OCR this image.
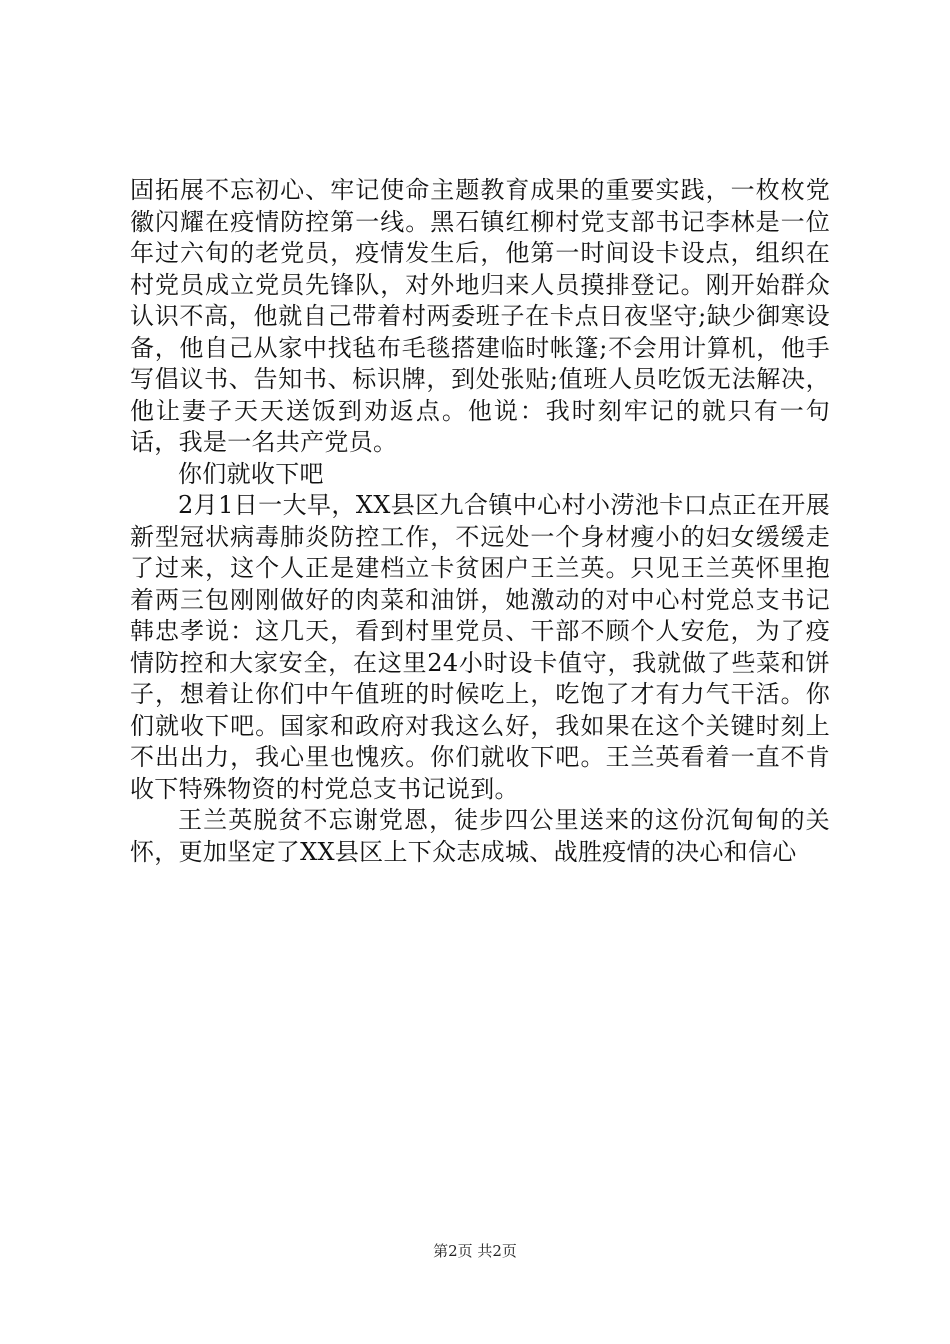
固拓展不忘初心、牢记使命主题教育成果的重要实践，一枚枚党徽闪耀在疫情防控第一线。黑石镇红柳村党支部书记李林是一位年过六旬的老党员，疫情发生后，他第一时间设卡设点，组织在村党员成立党员先锋队，对外地归来人员摸排登记。刚开始群众认识不高，他就自己带着村两委班子在卡点日夜坚守;缺少御寒设备，他自己从家中找毡布毛毯搭建临时帐篷;不会用计算机，他手写倡议书、告知书、标识牌，到处张贴;值班人员吃饭无法解决，他让妻子天天送饭到劝返点。他说：我时刻牢记的就只有一句话，我是一名共产党员。

你们就收下吧

2月1日一大早，XX县区九合镇中心村小涝池卡口点正在开展新型冠状病毒肺炎防控工作，不远处一个身材瘦小的妇女缓缓走了过来，这个人正是建档立卡贫困户王兰英。只见王兰英怀里抱着两三包刚刚做好的肉菜和油饼，她激动的对中心村党总支书记韩忠孝说：这几天，看到村里党员、干部不顾个人安危，为了疫情防控和大家安全，在这里24小时设卡值守，我就做了些菜和饼子，想着让你们中午值班的时候吃上，吃饱了才有力气干活。你们就收下吧。国家和政府对我这么好，我如果在这个关键时刻上不出出力，我心里也愧疚。你们就收下吧。王兰英看着一直不肯收下特殊物资的村党总支书记说到。

王兰英脱贫不忘谢党恩，徒步四公里送来的这份沉甸甸的关怀，更加坚定了XX县区上下众志成城、战胜疫情的决心和信心

第2页 共2页
